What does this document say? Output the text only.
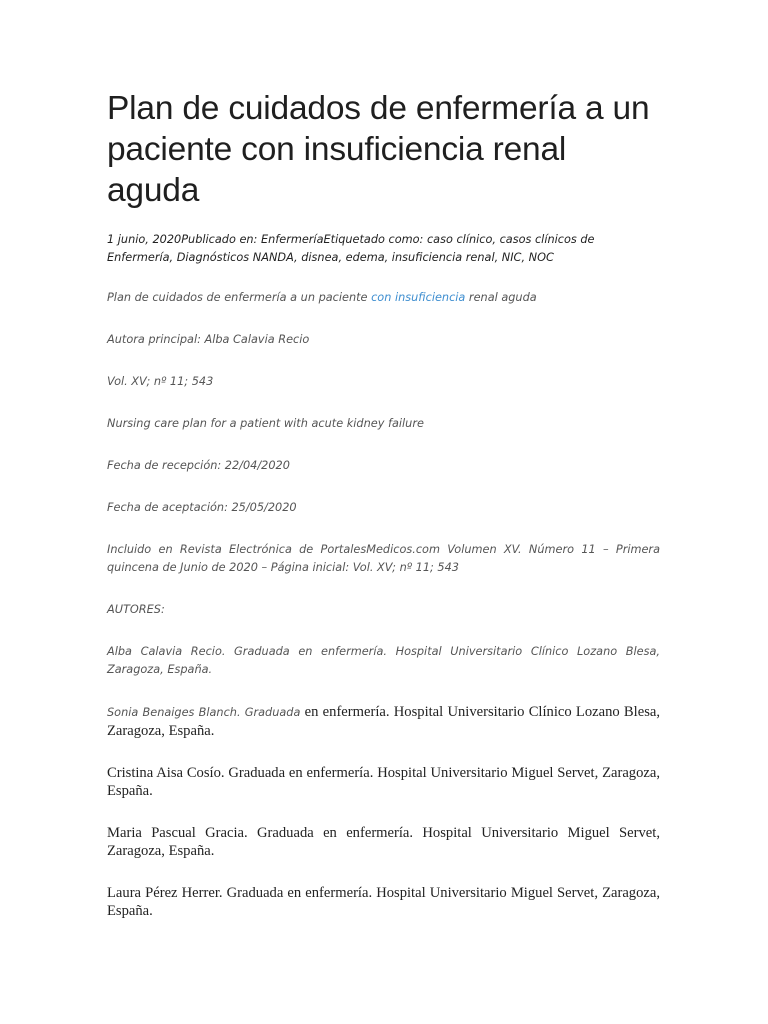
Plan de cuidados de enfermería a un paciente con insuficiencia renal aguda

1 junio, 2020Publicado en: EnfermeríaEtiquetado como: caso clínico, casos clínicos de Enfermería, Diagnósticos NANDA, disnea, edema, insuficiencia renal, NIC, NOC

Plan de cuidados de enfermería a un paciente con insuficiencia renal aguda

Autora principal: Alba Calavia Recio

Vol. XV; nº 11; 543

Nursing care plan for a patient with acute kidney failure

Fecha de recepción: 22/04/2020

Fecha de aceptación: 25/05/2020

Incluido en Revista Electrónica de PortalesMedicos.com Volumen XV. Número 11 – Primera quincena de Junio de 2020 – Página inicial: Vol. XV; nº 11; 543

AUTORES:

Alba Calavia Recio. Graduada en enfermería. Hospital Universitario Clínico Lozano Blesa, Zaragoza, España.

Sonia Benaiges Blanch. Graduada en enfermería. Hospital Universitario Clínico Lozano Blesa, Zaragoza, España.

Cristina Aisa Cosío. Graduada en enfermería. Hospital Universitario Miguel Servet, Zaragoza, España.

Maria Pascual Gracia. Graduada en enfermería. Hospital Universitario Miguel Servet, Zaragoza, España.

Laura Pérez Herrer. Graduada en enfermería. Hospital Universitario Miguel Servet, Zaragoza, España.
